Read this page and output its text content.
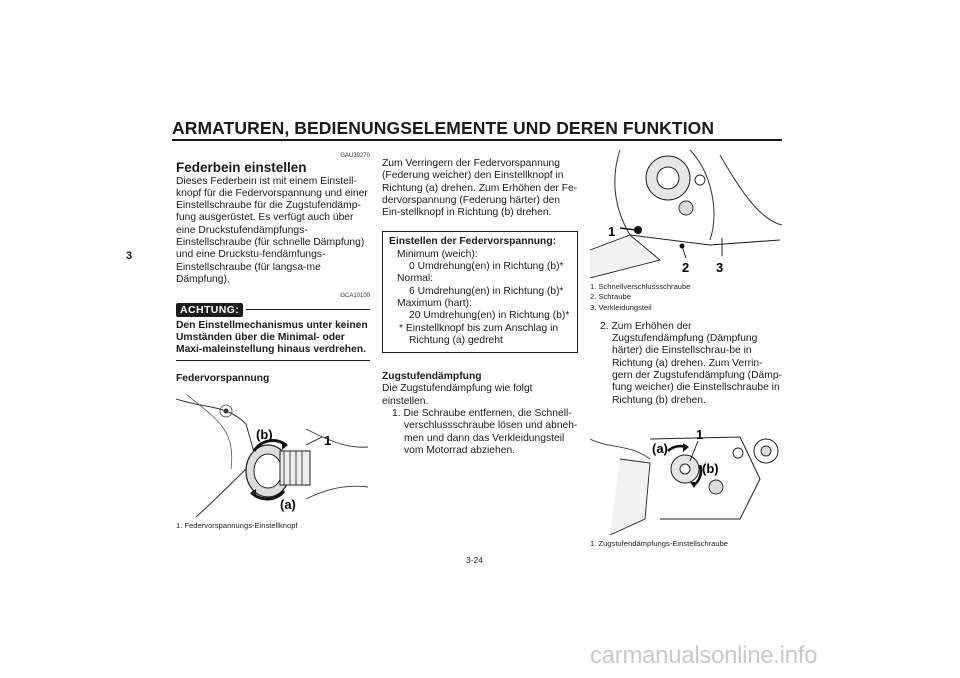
ARMATUREN, BEDIENUNGSELEMENTE UND DEREN FUNKTION
3
GAU39270
Federbein einstellen

Dieses Federbein ist mit einem Einstell-knopf für die Federvorspannung und einer Einstellschraube für die Zugstufendämp-fung ausgerüstet. Es verfügt auch über eine Druckstufendämpfungs-Einstellschraube (für schnelle Dämpfung) und eine Druckstu-fendämfungs-Einstellschraube (für langsa-me Dämpfung).

GCA10100
ACHTUNG:

Den Einstellmechanismus unter keinen Umständen über die Minimal- oder Maxi-maleinstellung hinaus verdrehen.

Federvorspannung

(b)
(a)
1

1. Federvorspannungs-Einstellknopf

Zum Verringern der Federvorspannung (Federung weicher) den Einstellknopf in Richtung (a) drehen. Zum Erhöhen der Fe-dervorspannung (Federung härter) den Ein-stellknopf in Richtung (b) drehen.

Einstellen der Federvorspannung:

Minimum (weich):

0 Umdrehung(en) in Richtung (b)*

Normal:

6 Umdrehung(en) in Richtung (b)*

Maximum (hart):

20 Umdrehung(en) in Richtung (b)*

* Einstellknopf bis zum Anschlag in Richtung (a) gedreht

Zugstufendämpfung

Die Zugstufendämpfung wie folgt einstellen.

1. Die Schraube entfernen, die Schnell-verschlussschraube lösen und abneh-men und dann das Verkleidungsteil vom Motorrad abziehen.

1
2 3

1. Schnellverschlussschraube

2. Schraube

3. Verkleidungsteil

2. Zum Erhöhen der Zugstufendämpfung (Dämpfung härter) die Einstellschrau-be in Richtung (a) drehen. Zum Verrin-gern der Zugstufendämpfung (Dämp-fung weicher) die Einstellschraube in Richtung (b) drehen.

(a)
1
(b)

1. Zugstufendämpfungs-Einstellschraube

3-24
carmanualsonline.info
